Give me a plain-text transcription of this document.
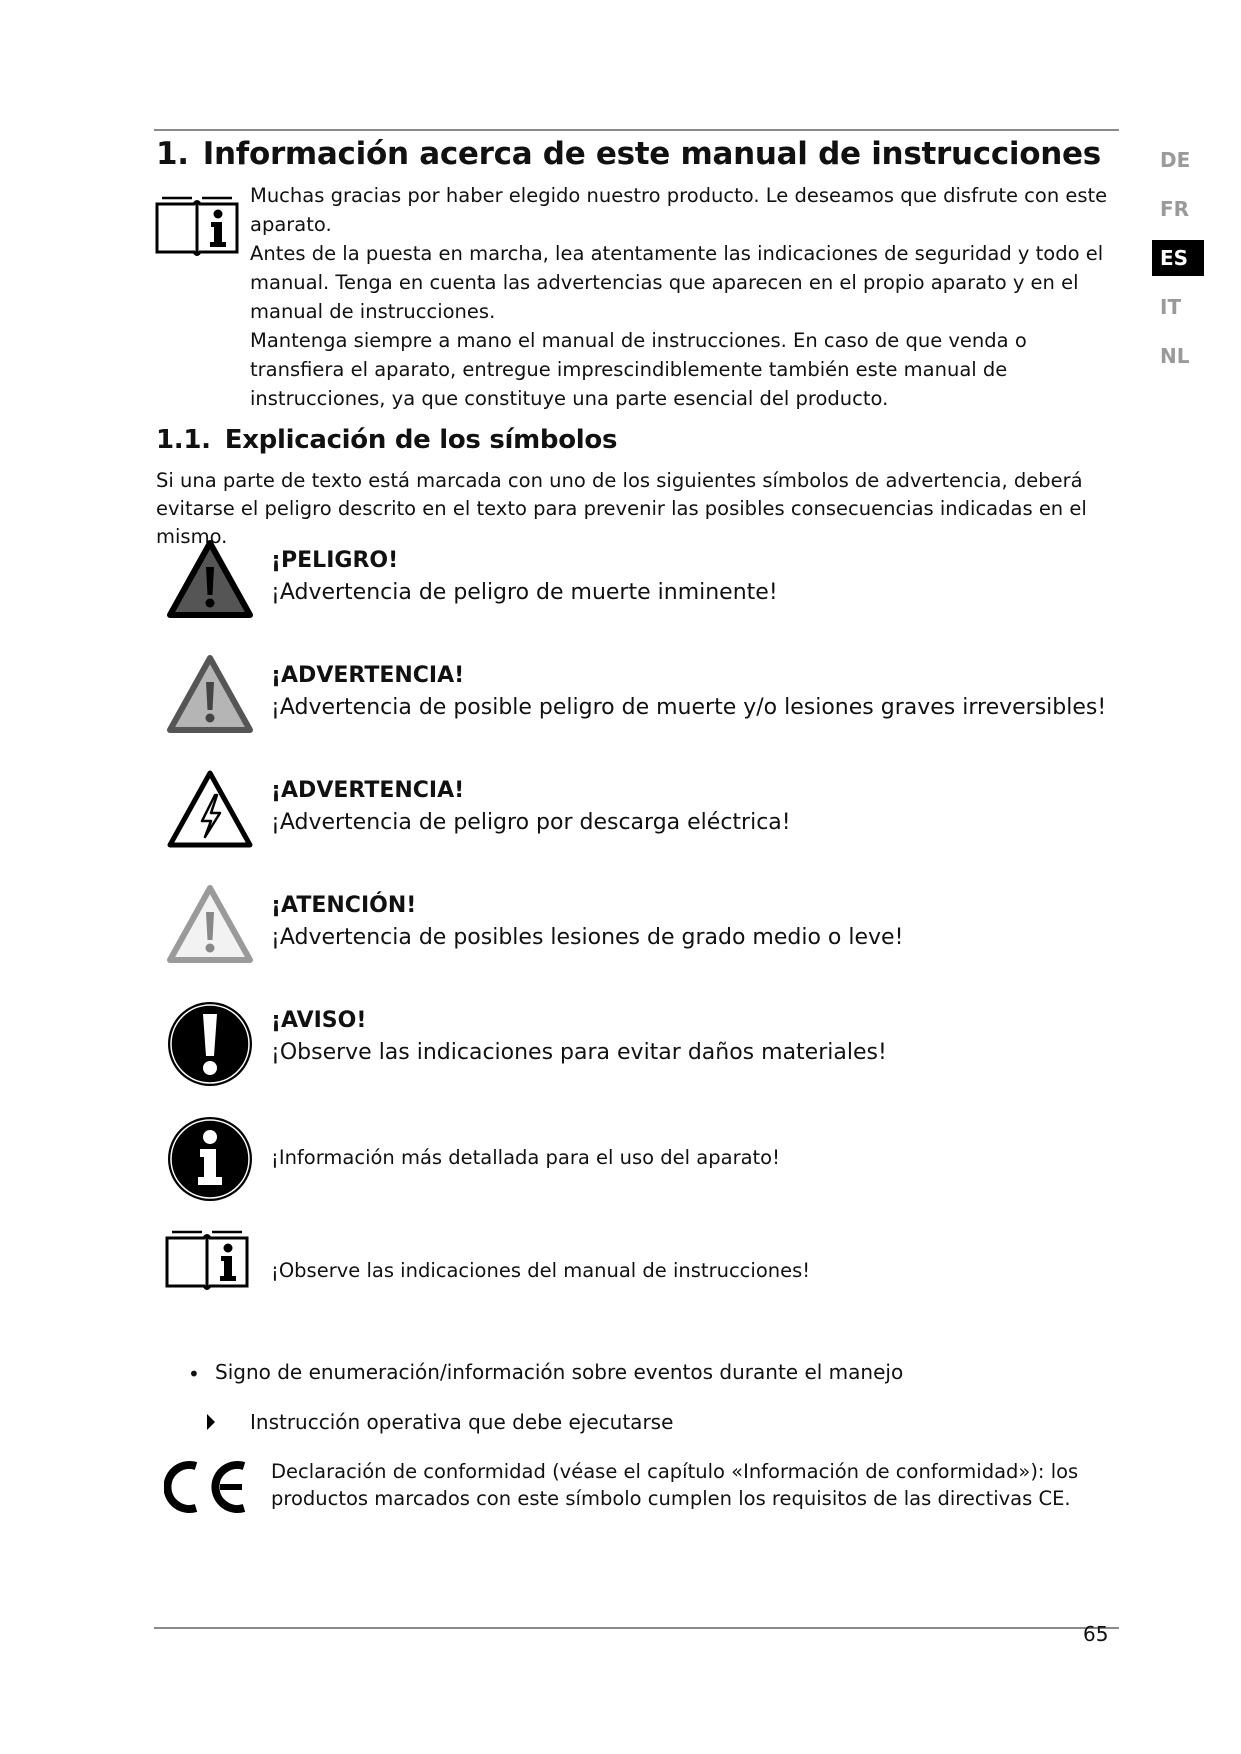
1. Información acerca de este manual de instrucciones

Muchas gracias por haber elegido nuestro producto. Le deseamos que disfrute con este aparato.

Antes de la puesta en marcha, lea atentamente las indicaciones de seguridad y todo el manual. Tenga en cuenta las advertencias que aparecen en el propio aparato y en el manual de instrucciones.

Mantenga siempre a mano el manual de instrucciones. En caso de que venda o transfiera el aparato, entregue imprescindiblemente también este manual de instrucciones, ya que constituye una parte esencial del producto.

1.1. Explicación de los símbolos

Si una parte de texto está marcada con uno de los siguientes símbolos de advertencia, deberá evitarse el peligro descrito en el texto para prevenir las posibles consecuencias indicadas en el mismo.

¡PELIGRO!
¡Advertencia de peligro de muerte inminente!
¡ADVERTENCIA!
¡Advertencia de posible peligro de muerte y/o lesiones graves irreversibles!
¡ADVERTENCIA!
¡Advertencia de peligro por descarga eléctrica!
¡ATENCIÓN!
¡Advertencia de posibles lesiones de grado medio o leve!
¡AVISO!
¡Observe las indicaciones para evitar daños materiales!
¡Información más detallada para el uso del aparato!
¡Observe las indicaciones del manual de instrucciones!
• Signo de enumeración/información sobre eventos durante el manejo
Instrucción operativa que debe ejecutarse
Declaración de conformidad (véase el capítulo «Información de conformidad»): los productos marcados con este símbolo cumplen los requisitos de las directivas CE.
DE
FR
ES
IT
NL
65
